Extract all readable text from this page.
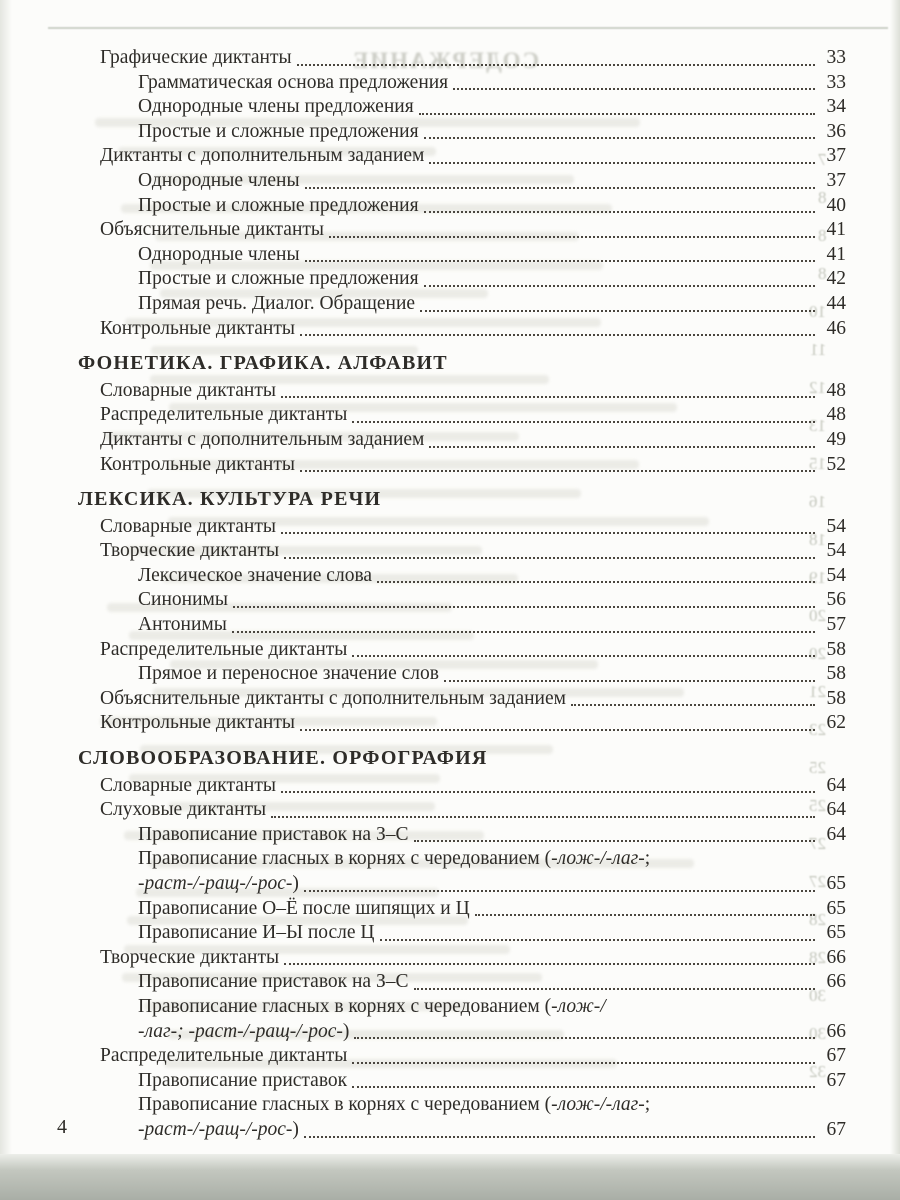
СОДЕРЖАНИЕ
7
8
8
8
10
11
12
13
15
16
18
19
20
20
21
23
25
25
27
27
28
28
30
30
32
Графические диктанты	33
Грамматическая основа предложения	33
Однородные члены предложения	34
Простые и сложные предложения	36
Диктанты с дополнительным заданием	37
Однородные члены	37
Простые и сложные предложения	40
Объяснительные диктанты	41
Однородные члены	41
Простые и сложные предложения	42
Прямая речь. Диалог. Обращение	44
Контрольные диктанты	46
ФОНЕТИКА. ГРАФИКА. АЛФАВИТ
Словарные диктанты	48
Распределительные диктанты	48
Диктанты с дополнительным заданием	49
Контрольные диктанты	52
ЛЕКСИКА. КУЛЬТУРА РЕЧИ
Словарные диктанты	54
Творческие диктанты	54
Лексическое значение слова	54
Синонимы	56
Антонимы	57
Распределительные диктанты	58
Прямое и переносное значение слов	58
Объяснительные диктанты с дополнительным заданием	58
Контрольные диктанты	62
СЛОВООБРАЗОВАНИЕ. ОРФОГРАФИЯ
Словарные диктанты	64
Слуховые диктанты	64
Правописание приставок на З–С	64
Правописание гласных в корнях с чередованием (-лож-/-лаг-;
-раст-/-ращ-/-рос-)	65
Правописание О–Ё после шипящих и Ц	65
Правописание И–Ы после Ц	65
Творческие диктанты	66
Правописание приставок на З–С	66
Правописание гласных в корнях с чередованием (-лож-/
-лаг-; -раст-/-ращ-/-рос-)	66
Распределительные диктанты	67
Правописание приставок	67
Правописание гласных в корнях с чередованием (-лож-/-лаг-;
-раст-/-ращ-/-рос-)	67
4
